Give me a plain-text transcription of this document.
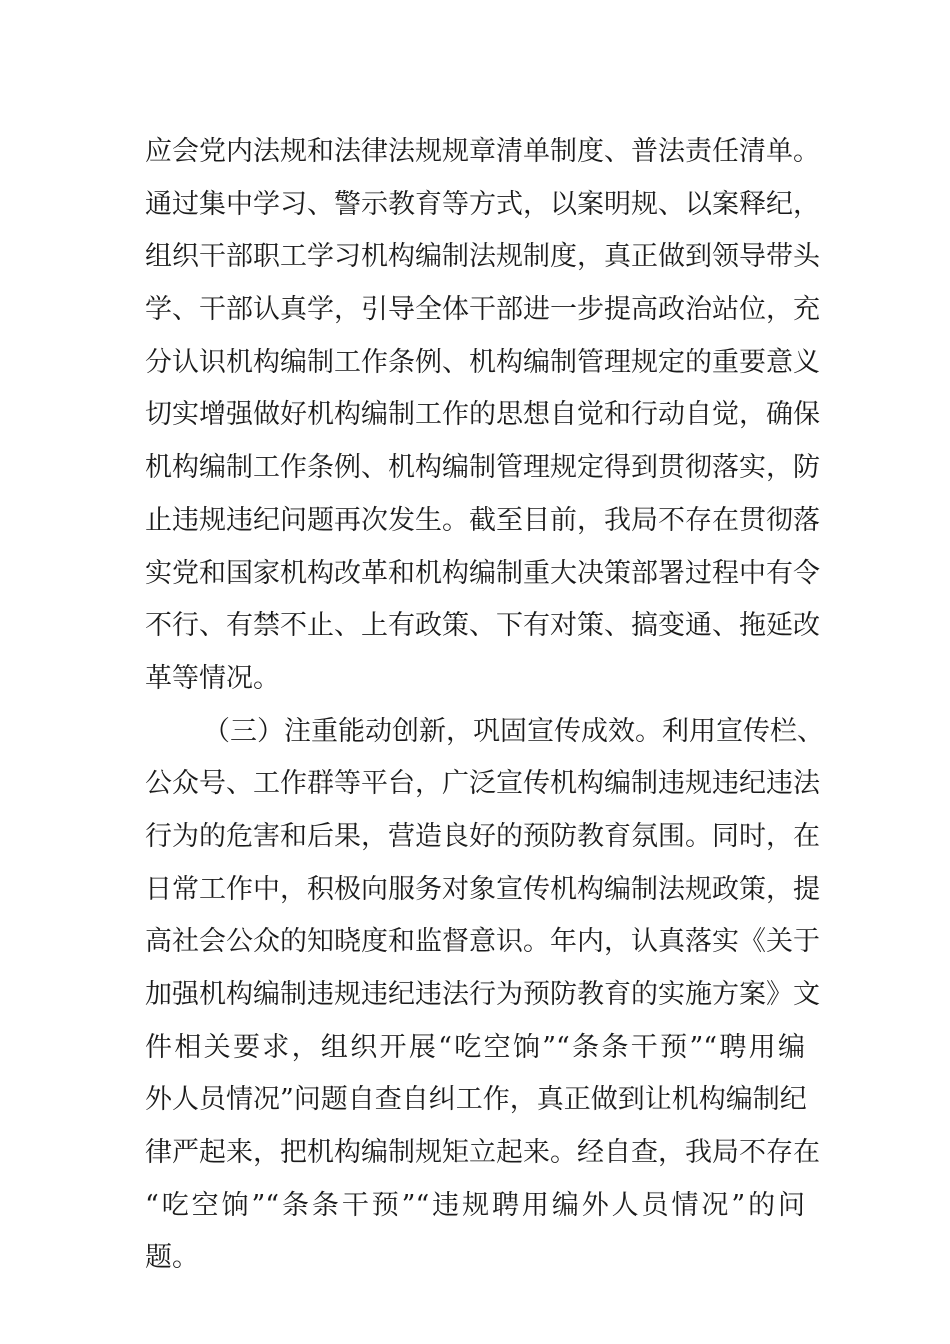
应会党内法规和法律法规规章清单制度、普法责任清单。
通过集中学习、警示教育等方式，以案明规、以案释纪，
组织干部职工学习机构编制法规制度，真正做到领导带头
学、干部认真学，引导全体干部进一步提高政治站位，充
分认识机构编制工作条例、机构编制管理规定的重要意义
切实增强做好机构编制工作的思想自觉和行动自觉，确保
机构编制工作条例、机构编制管理规定得到贯彻落实，防
止违规违纪问题再次发生。截至目前，我局不存在贯彻落
实党和国家机构改革和机构编制重大决策部署过程中有令
不行、有禁不止、上有政策、下有对策、搞变通、拖延改
革等情况。
（三）注重能动创新，巩固宣传成效。利用宣传栏、
公众号、工作群等平台，广泛宣传机构编制违规违纪违法
行为的危害和后果，营造良好的预防教育氛围。同时，在
日常工作中，积极向服务对象宣传机构编制法规政策，提
高社会公众的知晓度和监督意识。年内，认真落实《关于
加强机构编制违规违纪违法行为预防教育的实施方案》文
件相关要求，组织开展“吃空饷”“条条干预”“聘用编
外人员情况”问题自查自纠工作，真正做到让机构编制纪
律严起来，把机构编制规矩立起来。经自查，我局不存在
“吃空饷”“条条干预”“违规聘用编外人员情况”的问
题。
